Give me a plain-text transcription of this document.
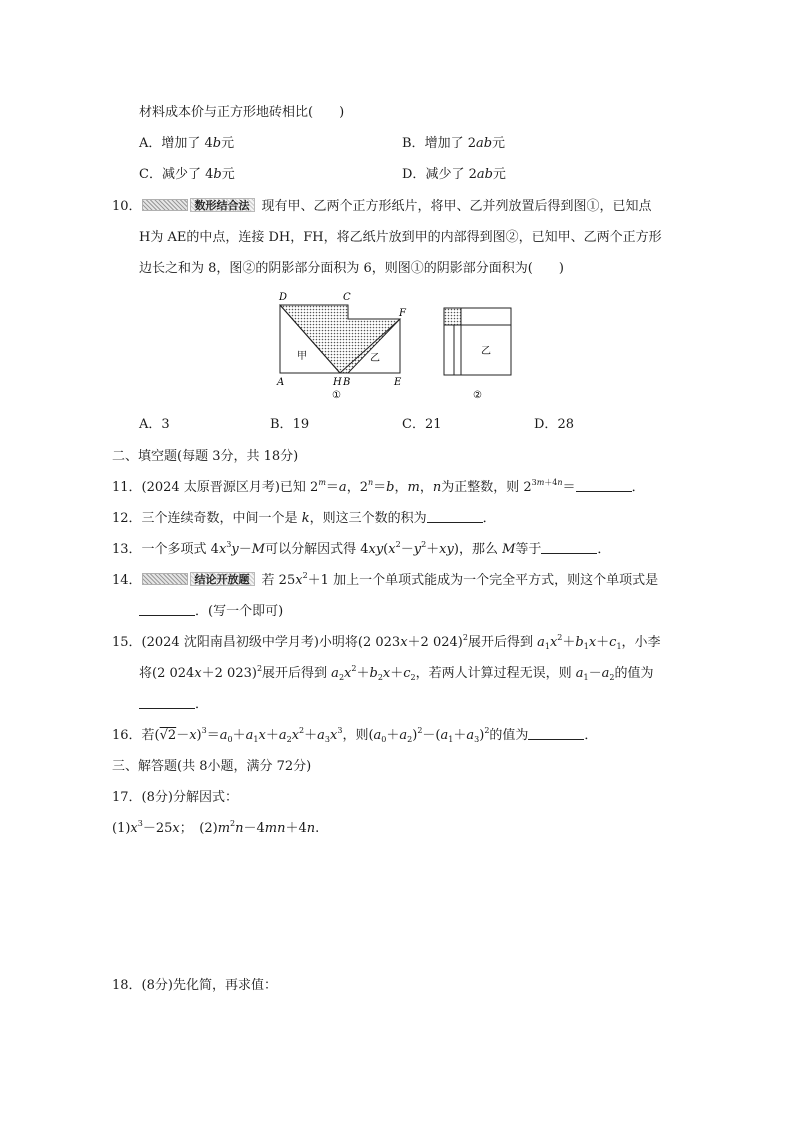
材料成本价与正方形地砖相比(　　)
A．增加了 4b元	B．增加了 2ab元
C．减少了 4b元	D．减少了 2ab元
10．	数形结合法 现有甲、乙两个正方形纸片，将甲、乙并列放置后得到图①，已知点
H为 AE的中点，连接 DH，FH，将乙纸片放到甲的内部得到图②，已知甲、乙两个正方形
边长之和为 8，图②的阴影部分面积为 6，则图①的阴影部分面积为(　　)
D	C
F
A	H B	E
甲	乙
①
乙
②
A．3	B．19	C．21	D．28
二、填空题(每题 3分，共 18分)
11．(2024 太原晋源区月考)已知 $2^m=a$，$2^n=b$，m，n为正整数，则 $2^{3m+4n}=$	．
12．三个连续奇数，中间一个是 k，则这三个数的积为	．
13．一个多项式 $4x^3y-M$可以分解因式得 $4xy(x^2-y^2+xy)$，那么 M等于	．
14．	结论开放题 若 $25x^2+1$ 加上一个单项式能成为一个完全平方式，则这个单项式是
．(写一个即可)
15．(2024 沈阳南昌初级中学月考)小明将(2 023x＋2 024)$^2$展开后得到 $a_1x^2+b_1x+c_1$，小李
将(2 024x＋2 023)$^2$展开后得到 $a_2x^2+b_2x+c_2$，若两人计算过程无误，则 $a_1-a_2$的值为
．
16．若$(√2-x)^3=a_0+a_1x+a_2x^2+a_3x^3$，则$(a_0+a_2)^2-(a_1+a_3)^2$的值为	．
三、解答题(共 8小题，满分 72分)
17．(8分)分解因式：
$(1)x^3-25x$；　$(2)m^2n-4mn+4n$.
18．(8分)先化简，再求值：
